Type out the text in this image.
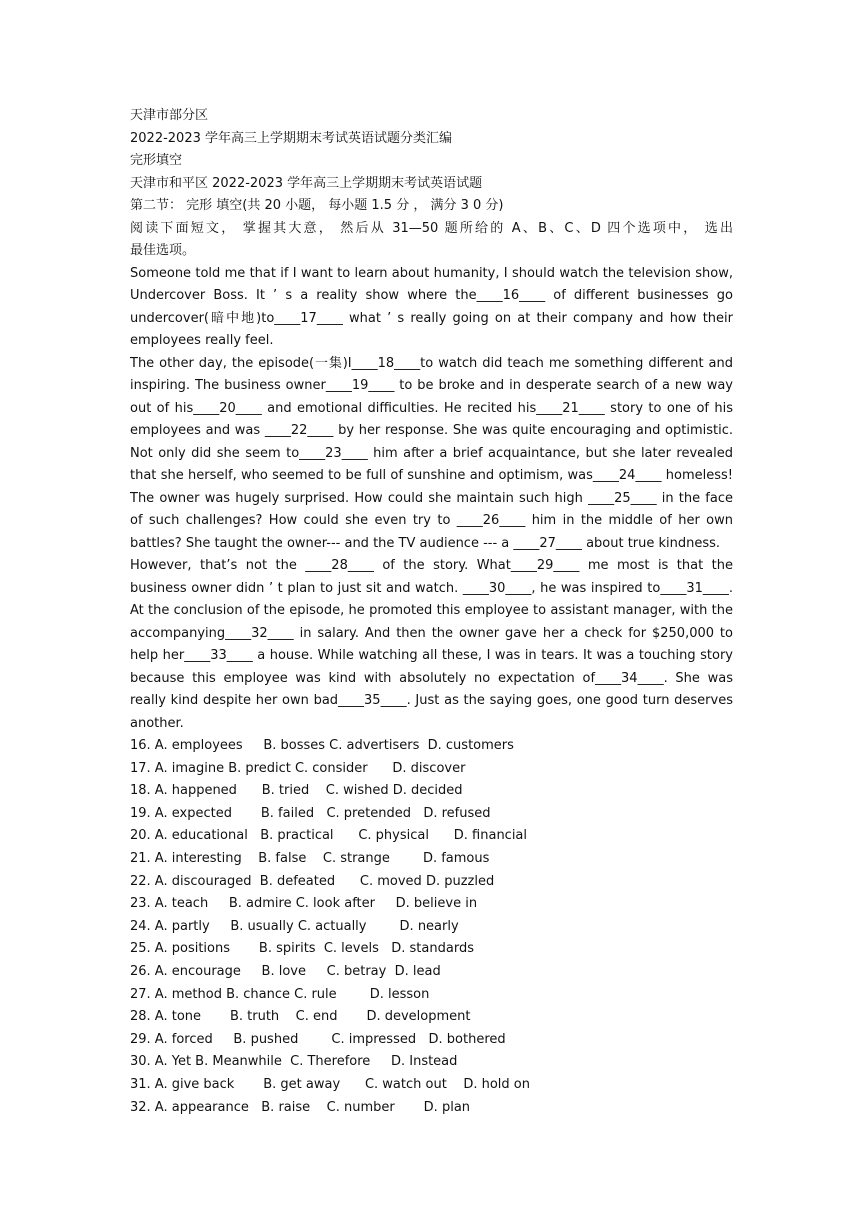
天津市部分区
2022-2023 学年高三上学期期末考试英语试题分类汇编
完形填空
天津市和平区 2022-2023 学年高三上学期期末考试英语试题
第二节： 完形 填空(共 20 小题， 每小题 1.5 分 ， 满分 3 0 分)
阅读下面短文， 掌握其大意， 然后从 31—50 题所给的 A、B、C、D 四个选项中， 选出
最佳选项。

Someone told me that if I want to learn about humanity, I should watch the television show, Undercover Boss. It ’ s a reality show where the____16____ of different businesses go undercover(暗中地)to____17____ what ’ s really going on at their company and how their employees really feel.

The other day, the episode(一集)I____18____to watch did teach me something different and inspiring. The business owner____19____ to be broke and in desperate search of a new way out of his____20____ and emotional difficulties. He recited his____21____ story to one of his employees and was ____22____ by her response. She was quite encouraging and optimistic. Not only did she seem to____23____ him after a brief acquaintance, but she later revealed that she herself, who seemed to be full of sunshine and optimism, was____24____ homeless! The owner was hugely surprised. How could she maintain such high ____25____ in the face of such challenges? How could she even try to ____26____ him in the middle of her own battles? She taught the owner--- and the TV audience --- a ____27____ about true kindness.

However, that’s not the ____28____ of the story. What____29____ me most is that the business owner didn ’ t plan to just sit and watch. ____30____, he was inspired to____31____. At the conclusion of the episode, he promoted this employee to assistant manager, with the accompanying____32____ in salary. And then the owner gave her a check for $250,000 to help her____33____ a house. While watching all these, I was in tears. It was a touching story because this employee was kind with absolutely no expectation of____34____. She was really kind despite her own bad____35____. Just as the saying goes, one good turn deserves another.

16. A. employees     B. bosses C. advertisers  D. customers
17. A. imagine B. predict C. consider      D. discover
18. A. happened      B. tried    C. wished D. decided
19. A. expected       B. failed   C. pretended   D. refused
20. A. educational   B. practical      C. physical      D. financial
21. A. interesting    B. false    C. strange        D. famous
22. A. discouraged  B. defeated      C. moved D. puzzled
23. A. teach     B. admire C. look after     D. believe in
24. A. partly     B. usually C. actually        D. nearly
25. A. positions       B. spirits  C. levels   D. standards
26. A. encourage     B. love     C. betray  D. lead
27. A. method B. chance C. rule        D. lesson
28. A. tone       B. truth    C. end       D. development
29. A. forced     B. pushed        C. impressed   D. bothered
30. A. Yet B. Meanwhile  C. Therefore     D. Instead
31. A. give back       B. get away      C. watch out    D. hold on
32. A. appearance   B. raise    C. number       D. plan
